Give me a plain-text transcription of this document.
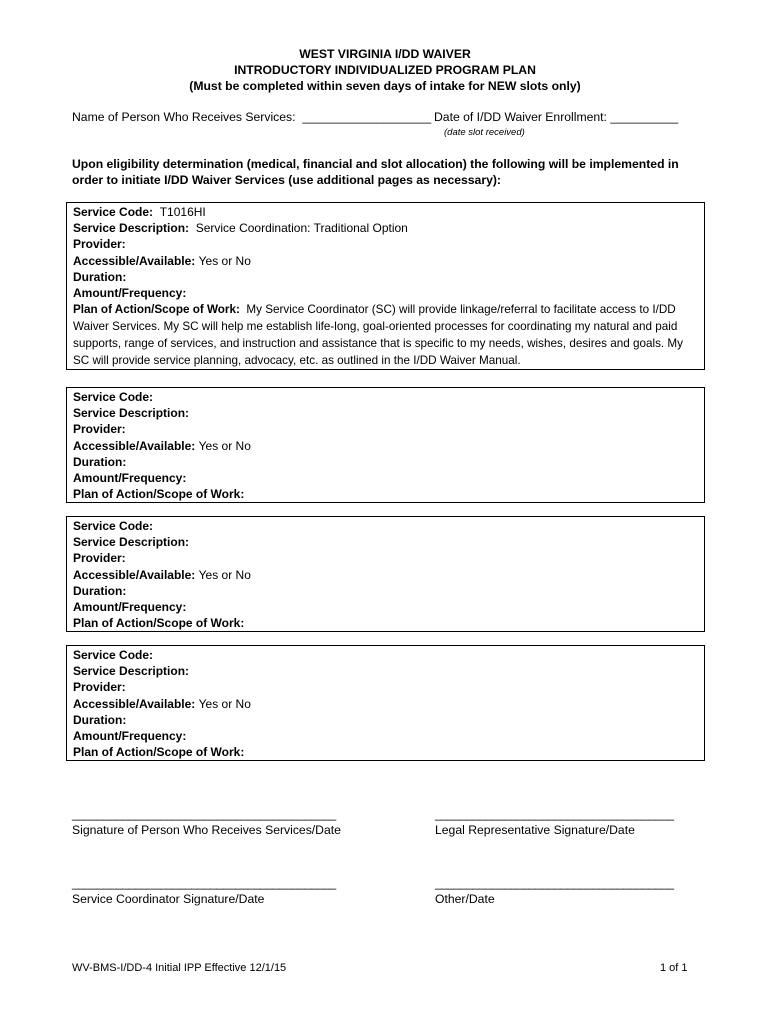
WEST VIRGINIA I/DD WAIVER
INTRODUCTORY INDIVIDUALIZED PROGRAM PLAN
(Must be completed within seven days of intake for NEW slots only)
Name of Person Who Receives Services: ___________________ Date of I/DD Waiver Enrollment: __________
(date slot received)
Upon eligibility determination (medical, financial and slot allocation) the following will be implemented in order to initiate I/DD Waiver Services (use additional pages as necessary):
Service Code: T1016HI
Service Description: Service Coordination: Traditional Option
Provider:
Accessible/Available: Yes or No
Duration:
Amount/Frequency:
Plan of Action/Scope of Work: My Service Coordinator (SC) will provide linkage/referral to facilitate access to I/DD Waiver Services. My SC will help me establish life-long, goal-oriented processes for coordinating my natural and paid supports, range of services, and instruction and assistance that is specific to my needs, wishes, desires and goals. My SC will provide service planning, advocacy, etc. as outlined in the I/DD Waiver Manual.
Service Code:
Service Description:
Provider:
Accessible/Available: Yes or No
Duration:
Amount/Frequency:
Plan of Action/Scope of Work:
Service Code:
Service Description:
Provider:
Accessible/Available: Yes or No
Duration:
Amount/Frequency:
Plan of Action/Scope of Work:
Service Code:
Service Description:
Provider:
Accessible/Available: Yes or No
Duration:
Amount/Frequency:
Plan of Action/Scope of Work:
__________________________________________
Signature of Person Who Receives Services/Date
______________________________________
Legal Representative Signature/Date
__________________________________________
Service Coordinator Signature/Date
______________________________________
Other/Date
WV-BMS-I/DD-4 Initial IPP Effective 12/1/15	1 of 1
